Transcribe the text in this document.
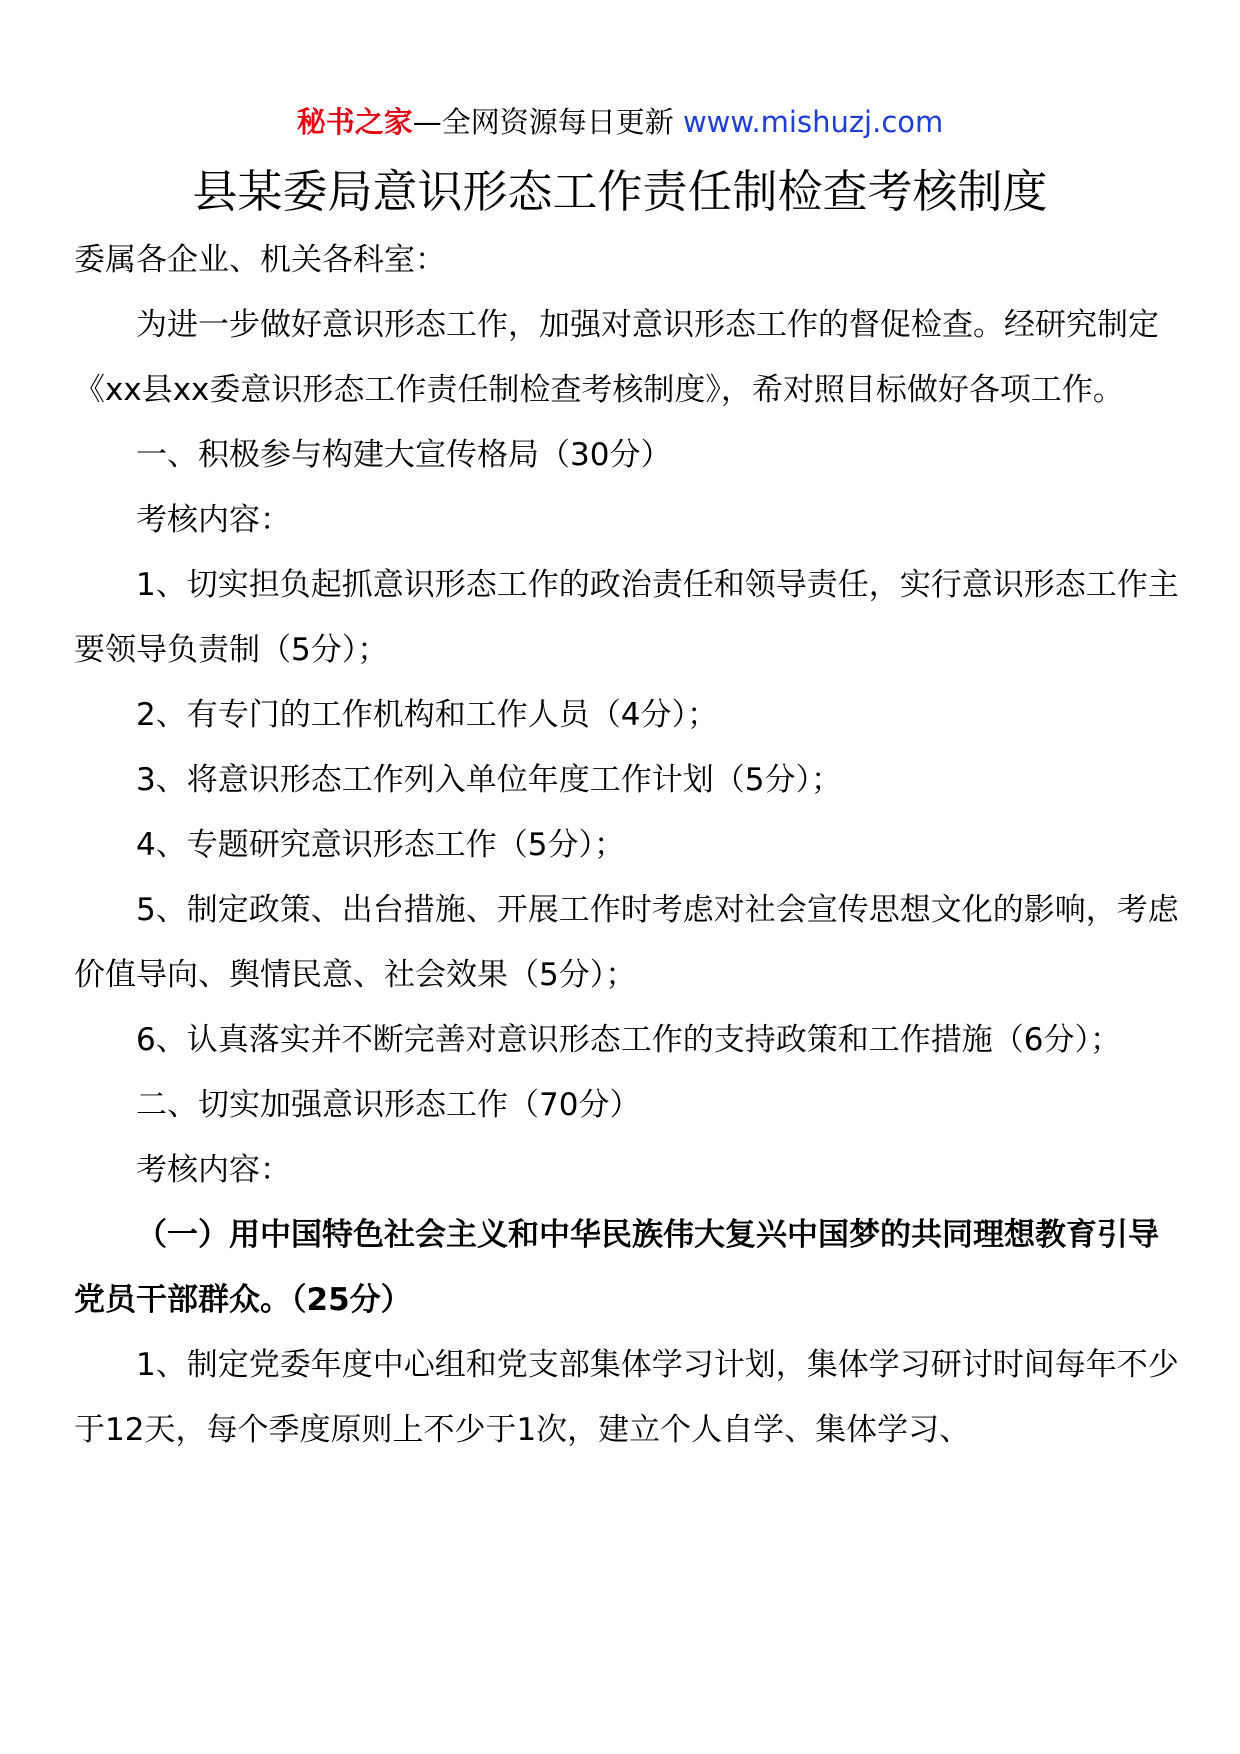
秘书之家—全网资源每日更新 www.mishuzj.com
县某委局意识形态工作责任制检查考核制度

委属各企业、机关各科室：

为进一步做好意识形态工作，加强对意识形态工作的督促检查。经研究制定《xx县xx委意识形态工作责任制检查考核制度》，希对照目标做好各项工作。

一、积极参与构建大宣传格局（30分）

考核内容：

1、切实担负起抓意识形态工作的政治责任和领导责任，实行意识形态工作主要领导负责制（5分）；

2、有专门的工作机构和工作人员（4分）；

3、将意识形态工作列入单位年度工作计划（5分）；

4、专题研究意识形态工作（5分）；

5、制定政策、出台措施、开展工作时考虑对社会宣传思想文化的影响，考虑价值导向、舆情民意、社会效果（5分）；

6、认真落实并不断完善对意识形态工作的支持政策和工作措施（6分）；

二、切实加强意识形态工作（70分）

考核内容：

（一）用中国特色社会主义和中华民族伟大复兴中国梦的共同理想教育引导党员干部群众。（25分）

1、制定党委年度中心组和党支部集体学习计划，集体学习研讨时间每年不少于12天，每个季度原则上不少于1次，建立个人自学、集体学习、
